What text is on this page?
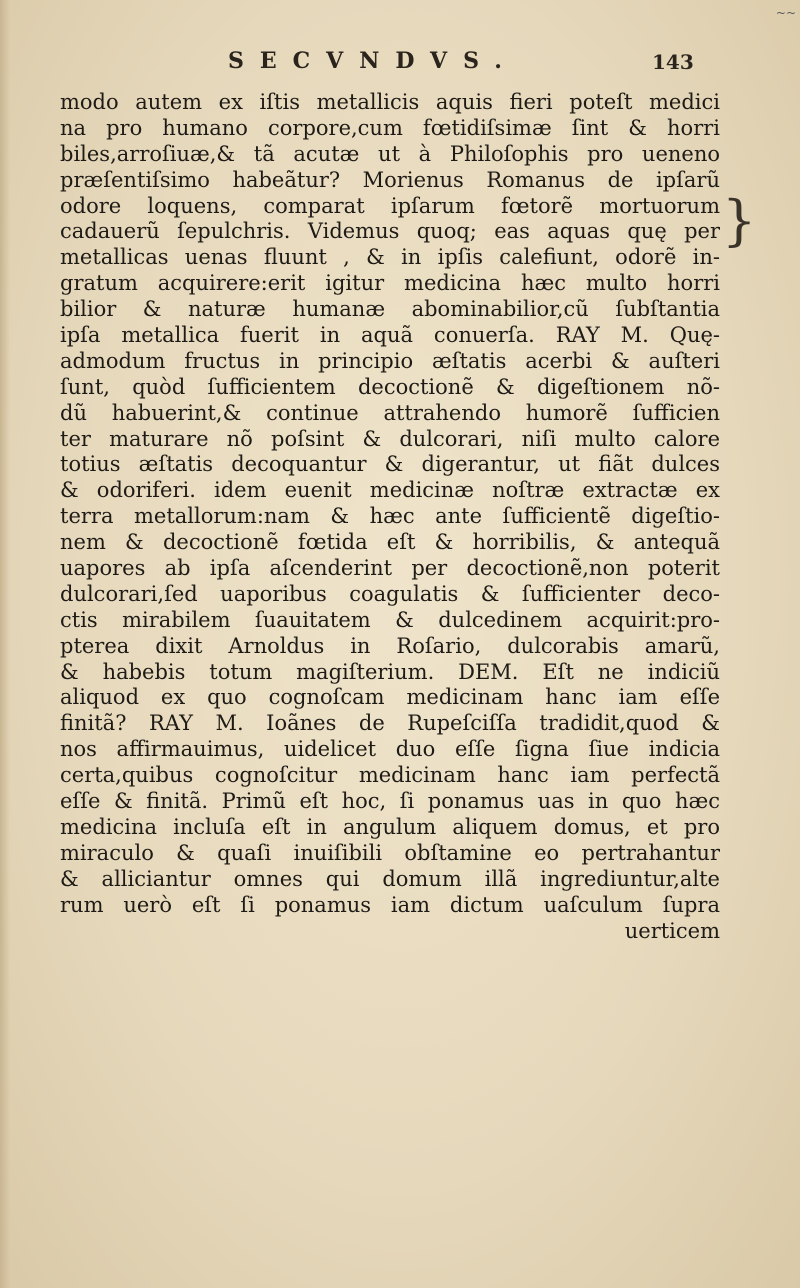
~~
SECVNDVS.	143
modo autem ex iſtis metallicis aquis fieri poteſt medici
na pro humano corpore,cum fœtidiſsimæ ſint & horri
biles,arroſiuæ,& tã acutæ ut à Philoſophis pro ueneno
præſentiſsimo habeãtur? Morienus Romanus de ipſarũ
odore loquens, comparat ipſarum fœtorẽ mortuorum
cadauerũ ſepulchris. Videmus quoq; eas aquas quę per
metallicas uenas fluunt , & in ipſis calefiunt, odorẽ in-
gratum acquirere:erit igitur medicina hæc multo horri
bilior & naturæ humanæ abominabilior,cũ ſubſtantia
ipſa metallica fuerit in aquã conuerſa. RAY M. Quę-
admodum fructus in principio æſtatis acerbi & auſteri
ſunt, quòd ſufficientem decoctionẽ & digeſtionem nõ-
dũ habuerint,& continue attrahendo humorẽ ſufficien
ter maturare nõ poſsint & dulcorari, niſi multo calore
totius æſtatis decoquantur & digerantur, ut fiãt dulces
& odoriferi. idem euenit medicinæ noſtræ extractæ ex
terra metallorum:nam & hæc ante ſufficientẽ digeſtio-
nem & decoctionẽ fœtida eſt & horribilis, & antequã
uapores ab ipſa aſcenderint per decoctionẽ,non poterit
dulcorari,ſed uaporibus coagulatis & ſufficienter deco-
ctis mirabilem ſuauitatem & dulcedinem acquirit:pro-
pterea dixit Arnoldus in Roſario, dulcorabis amarũ,
& habebis totum magiſterium. DEM. Eſt ne indiciũ
aliquod ex quo cognoſcam medicinam hanc iam eſſe
finitã? RAY M. Ioãnes de Rupeſciſſa tradidit,quod &
nos affirmauimus, uidelicet duo eſſe ſigna ſiue indicia
certa,quibus cognoſcitur medicinam hanc iam perfectã
eſſe & finitã. Primũ eſt hoc, ſi ponamus uas in quo hæc
medicina incluſa eſt in angulum aliquem domus, et pro
miraculo & quaſi inuiſibili obſtamine eo pertrahantur
& alliciantur omnes qui domum illã ingrediuntur,alte
rum uerò eſt ſi ponamus iam dictum uaſculum ſupra
uerticem
}
